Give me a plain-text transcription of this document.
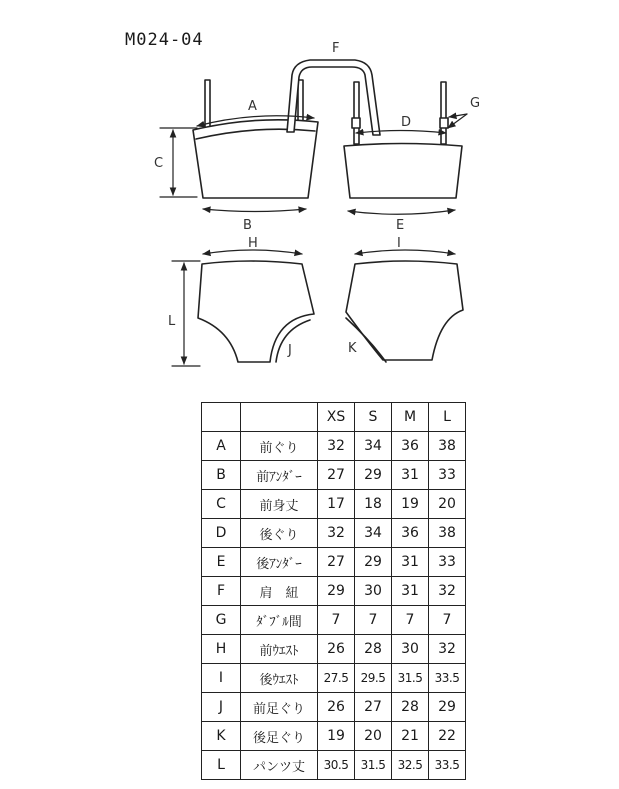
M024-04
A
B
C
D
E
F
G
H	I
J	K
L
		XS	S	M	L
A	前ぐり	32	34	36	38
B	前ｱﾝﾀﾞｰ	27	29	31	33
C	前身丈	17	18	19	20
D	後ぐり	32	34	36	38
E	後ｱﾝﾀﾞｰ	27	29	31	33
F	肩　紐	29	30	31	32
G	ﾀﾞﾌﾞﾙ間	7	7	7	7
H	前ｳｴｽﾄ	26	28	30	32
I	後ｳｴｽﾄ	27.5	29.5	31.5	33.5
J	前足ぐり	26	27	28	29
K	後足ぐり	19	20	21	22
L	パンツ丈	30.5	31.5	32.5	33.5
